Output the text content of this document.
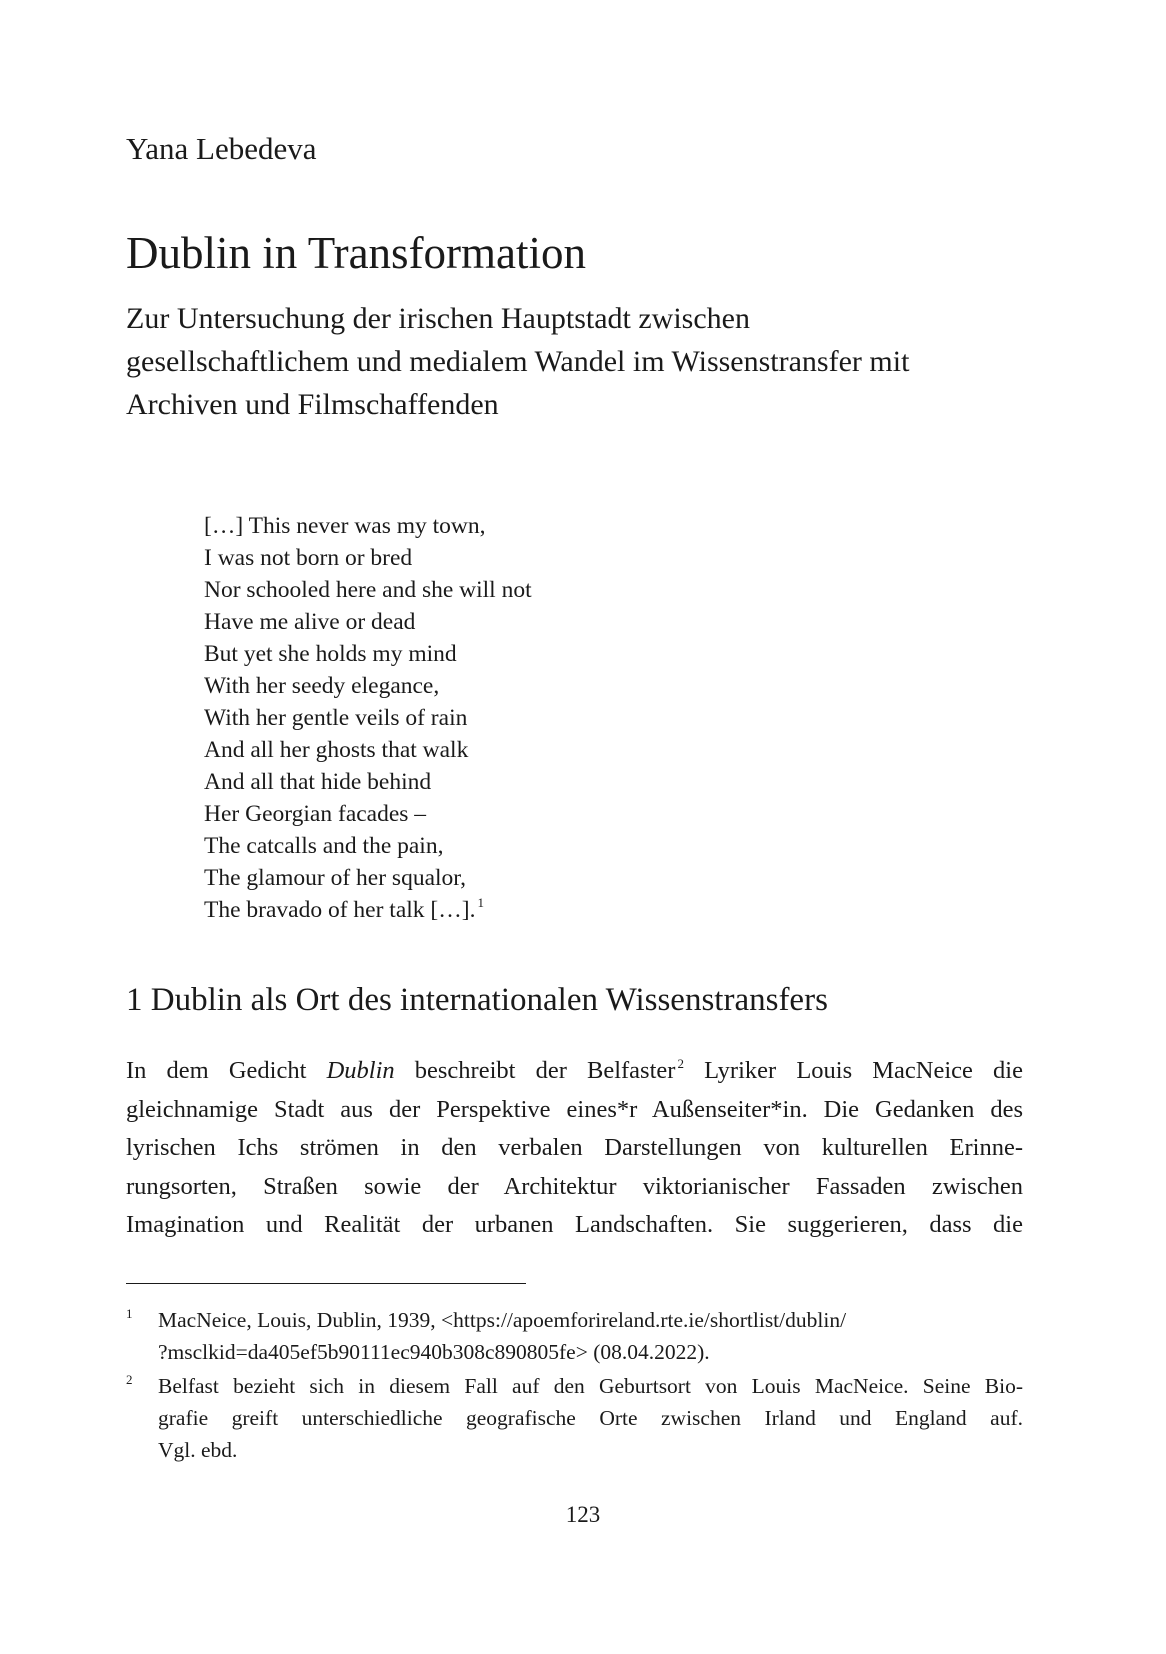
Yana Lebedeva
Dublin in Transformation
Zur Untersuchung der irischen Hauptstadt zwischen
gesellschaftlichem und medialem Wandel im Wissenstransfer mit
Archiven und Filmschaffenden
[…] This never was my town,
I was not born or bred
Nor schooled here and she will not
Have me alive or dead
But yet she holds my mind
With her seedy elegance,
With her gentle veils of rain
And all her ghosts that walk
And all that hide behind
Her Georgian facades –
The catcalls and the pain,
The glamour of her squalor,
The bravado of her talk […]. $^1$
1 Dublin als Ort des internationalen Wissenstransfers

In dem Gedicht Dublin beschreibt der Belfaster $^2$ Lyriker Louis MacNeice die
gleichnamige Stadt aus der Perspektive eines*r Außenseiter*in. Die Gedanken des
lyrischen Ichs strömen in den verbalen Darstellungen von kulturellen Erinne-
rungsorten, Straßen sowie der Architektur viktorianischer Fassaden zwischen
Imagination und Realität der urbanen Landschaften. Sie suggerieren, dass die

1 MacNeice, Louis, Dublin, 1939, <https://apoemforireland.rte.ie/shortlist/dublin/
?msclkid=da405ef5b90111ec940b308c890805fe> (08.04.2022).
2 Belfast bezieht sich in diesem Fall auf den Geburtsort von Louis MacNeice. Seine Bio-
grafie greift unterschiedliche geografische Orte zwischen Irland und England auf.
Vgl. ebd.
123
